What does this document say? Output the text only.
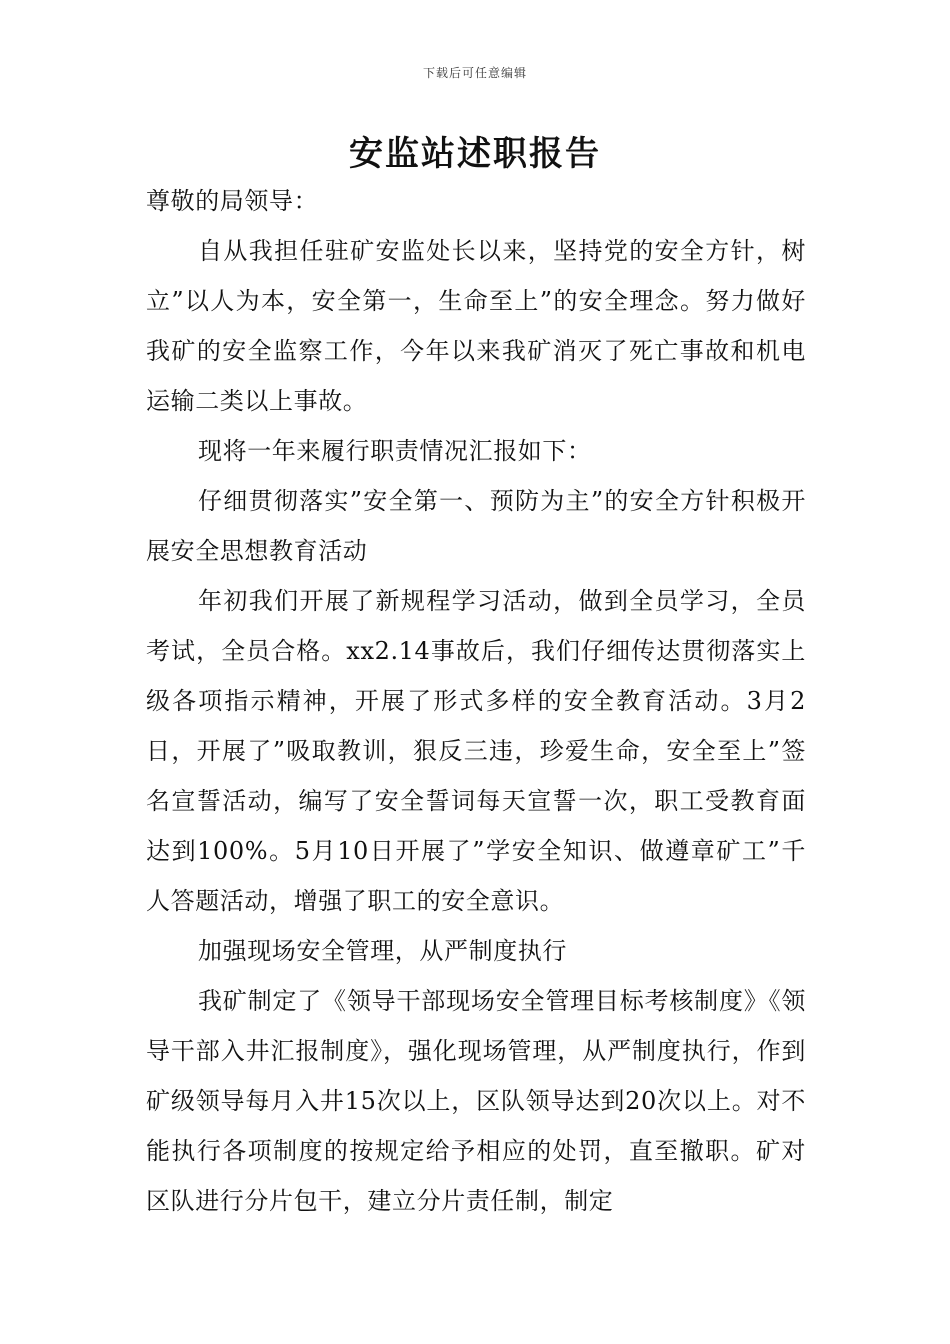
下载后可任意编辑
安监站述职报告

尊敬的局领导：

自从我担任驻矿安监处长以来，坚持党的安全方针，树立”以人为本，安全第一，生命至上”的安全理念。努力做好我矿的安全监察工作，今年以来我矿消灭了死亡事故和机电运输二类以上事故。

现将一年来履行职责情况汇报如下：

仔细贯彻落实”安全第一、预防为主”的安全方针积极开展安全思想教育活动

年初我们开展了新规程学习活动，做到全员学习，全员考试，全员合格。xx2.14事故后，我们仔细传达贯彻落实上级各项指示精神，开展了形式多样的安全教育活动。3月2日，开展了”吸取教训，狠反三违，珍爱生命，安全至上”签名宣誓活动，编写了安全誓词每天宣誓一次，职工受教育面达到100%。5月10日开展了”学安全知识、做遵章矿工”千人答题活动，增强了职工的安全意识。

加强现场安全管理，从严制度执行

我矿制定了《领导干部现场安全管理目标考核制度》《领导干部入井汇报制度》，强化现场管理，从严制度执行，作到矿级领导每月入井15次以上，区队领导达到20次以上。对不能执行各项制度的按规定给予相应的处罚，直至撤职。矿对区队进行分片包干，建立分片责任制，制定
